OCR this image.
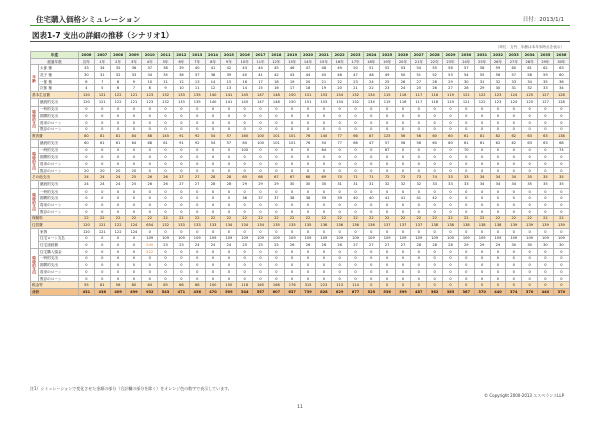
住宅購入価格シミュレーション	日付：2013/1/1
図表1-7 支出の詳細の推移（シナリオ1）
（単位：万円、年齢は本年末時点を表示）
年度		2006	2007	2008	2009	2010	2011	2012	2013	2014	2015	2016	2017	2018	2019	2020	2021	2022	2023	2024	2025	2026	2027	2028	2029	2030	2031	2032	2033	2034	2035	2036
経過年数		初年	1年	2年	3年	4年	5年	6年	7年	8年	9年	10年	11年	12年	13年	14年	15年	16年	17年	18年	19年	20年	21年	22年	23年	24年	25年	26年	27年	28年	29年	30年
年齢	太郎 様	33	34	35	36	37	38	39	40	41	42	43	44	45	46	47	48	49	50	51	52	53	54	55	56	57	58	59	60	61	62	63
	花子 様	30	31	32	33	34	35	36	37	38	39	40	41	42	43	44	45	46	47	48	49	50	51	52	53	54	55	56	57	58	59	60
	一郎 様	6	7	8	9	10	11	12	13	14	15	16	17	18	19	20	21	22	23	24	25	26	27	28	29	30	31	32	33	34	35	36
	次郎 様	4	5	6	7	8	9	10	11	12	13	14	15	16	17	18	19	20	21	22	23	24	25	26	27	28	29	30	31	32	33	34
基本生活費		120	121	122	121	123	132	133	135	140	141	145	147	148	150	151	153	154	132	134	115	116	117	118	119	121	122	123	124	125	127	128
	継続的支出	120	121	122	121	123	132	133	135	140	141	145	147	148	150	151	153	154	132	134	115	116	117	118	119	121	122	123	124	125	127	128
臨時的支出	一時的支出	0	0	0	0	0	0	0	0	0	0	0	0	0	0	0	0	0	0	0	0	0	0	0	0	0	0	0	0	0	0	0
	期間的支出	0	0	0	0	0	0	0	0	0	0	0	0	0	0	0	0	0	0	0	0	0	0	0	0	0	0	0	0	0	0	0
	将来のローン	0	0	0	0	0	0	0	0	0	0	0	0	0	0	0	0	0	0	0	0	0	0	0	0	0	0	0	0	0	0	0
	既存のローン	0	0	0	0	0	0	0	0	0	0	0	0	0	0	0	0	0	0	0	0	0	0	0	0	0	0	0	0	0	0	0
教育費		80	81	81	84	88	145	91	92	54	57	160	100	101	101	76	140	77	66	87	125	56	56	60	60	61	81	82	62	63	63	138
	継続的支出	60	61	61	64	68	61	91	92	54	57	60	100	101	101	76	50	77	66	47	57	56	56	60	60	61	61	62	62	63	63	68
臨時的支出	一時的支出	0	0	0	0	0	0	0	0	0	0	100	0	0	0	0	64	0	0	0	67	0	0	0	0	70	0	0	0	0	0	74
	期間的支出	0	0	0	0	0	0	0	0	0	0	0	0	0	0	0	0	0	0	0	0	0	0	0	0	0	0	0	0	0	0	0
	将来のローン	0	0	0	0	0	0	0	0	0	0	0	0	0	0	0	0	0	0	0	0	0	0	0	0	0	0	0	0	0	0	0
	既存のローン	20	20	20	20	0	0	0	0	0	0	0	0	0	0	0	0	0	0	0	0	0	0	0	0	0	0	0	0	0	0	0
その他支出		24	24	24	25	26	26	27	27	28	28	65	66	67	67	68	69	70	71	71	72	73	73	74	33	33	34	34	34	35	35	35
	継続的支出	24	24	24	25	26	26	27	27	28	28	29	29	29	30	30	30	31	31	31	32	32	32	33	33	33	34	34	34	35	35	35
臨時的支出	一時的支出	0	0	0	0	0	0	0	0	0	0	0	0	0	0	0	0	0	0	0	0	0	0	0	0	0	0	0	0	0	0	0
	期間的支出	0	0	0	0	0	0	0	0	0	0	36	37	37	38	38	39	39	40	40	41	41	41	42	0	0	0	0	0	0	0	0
	将来のローン	0	0	0	0	0	0	0	0	0	0	0	0	0	0	0	0	0	0	0	0	0	0	0	0	0	0	0	0	0	0	0
	既存のローン	0	0	0	0	0	0	0	0	0	0	0	0	0	0	0	0	0	0	0	0	0	0	0	0	0	0	0	0	0	0	0
保険料		22	22	22	22	22	22	22	22	22	22	22	22	22	22	22	22	22	22	22	22	22	22	22	22	22	22	22	22	22	22	22
住居費		120	121	122	124	654	132	133	133	133	134	134	134	135	135	135	136	136	136	136	137	137	137	138	138	138	138	138	139	139	139	139
	家賃	120	121	122	124	0	0	0	0	0	0	0	0	0	0	0	0	0	0	0	0	0	0	0	0	0	0	0	0	0	0	0
	住宅ローン支払	0	0	0	0	109	109	109	109	109	109	109	109	109	109	109	109	109	109	109	109	109	109	109	109	109	109	109	109	109	109	109
	住宅諸経費	0	0	0	0	545	23	23	24	24	24	25	25	25	26	26	26	26	27	27	27	27	28	28	28	29	29	29	30	30	30	30
臨時的支出	住宅購入頭金	0	0	0	0	522	0	0	0	0	0	0	0	0	0	0	0	0	0	0	0	0	0	0	0	0	0	0	0	0	0	0
	一時的支出	0	0	0	0	0	0	0	0	0	0	0	0	0	0	0	0	0	0	0	0	0	0	0	0	0	0	0	0	0	0	0
	期間的支出	0	0	0	0	0	0	0	0	0	0	0	0	0	0	0	0	0	0	0	0	0	0	0	0	0	0	0	0	0	0	0
	将来のローン	0	0	0	0	0	0	0	0	0	0	0	0	0	0	0	0	0	0	0	0	0	0	0	0	0	0	0	0	0	0	0
	既存のローン	0	0	0	0	0	0	0	0	0	0	0	0	0	0	0	0	0	0	0	0	0	0	0	0	0	0	0	0	0	0	0
税金等		55	61	56	60	64	65	66	68	100	150	118	165	168	176	315	223	113	114	0	0	0	0	0	0	0	0	0	0	0	0	0
合計		431	436	409	499	932	543	471	436	470	509	544	557	607	637	739	828	629	677	525	536	399	487	362	385	387	370	440	374	370	440	370
注1）シミュレーションで変化させた金額の部分（合計欄の部分を除く）をオレンジ色の数字で表示しています。
© Copyright 2000-2013 エスペランスLLP
11
